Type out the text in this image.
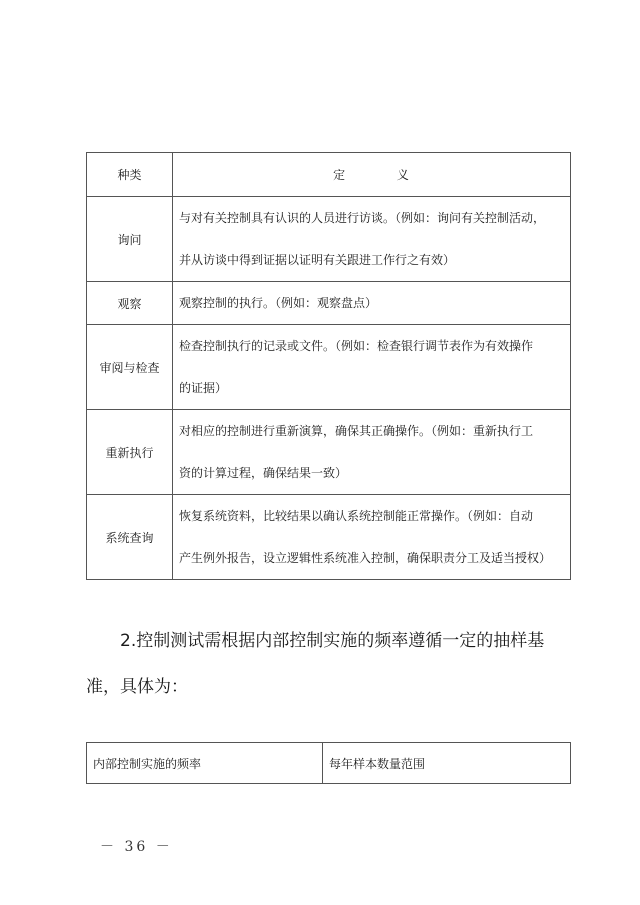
种类	定 义
询问	与对有关控制具有认识的人员进行访谈。（例如：询问有关控制活动，
并从访谈中得到证据以证明有关跟进工作行之有效）

观察	观察控制的执行。（例如：观察盘点）

审阅与检查	检查控制执行的记录或文件。（例如：检查银行调节表作为有效操作
的证据）

重新执行	对相应的控制进行重新演算，确保其正确操作。（例如：重新执行工
资的计算过程，确保结果一致）

系统查询	恢复系统资料，比较结果以确认系统控制能正常操作。（例如：自动
产生例外报告，设立逻辑性系统准入控制，确保职责分工及适当授权）
2.控制测试需根据内部控制实施的频率遵循一定的抽样基
准，具体为：
内部控制实施的频率	每年样本数量范围
－ 36 －
